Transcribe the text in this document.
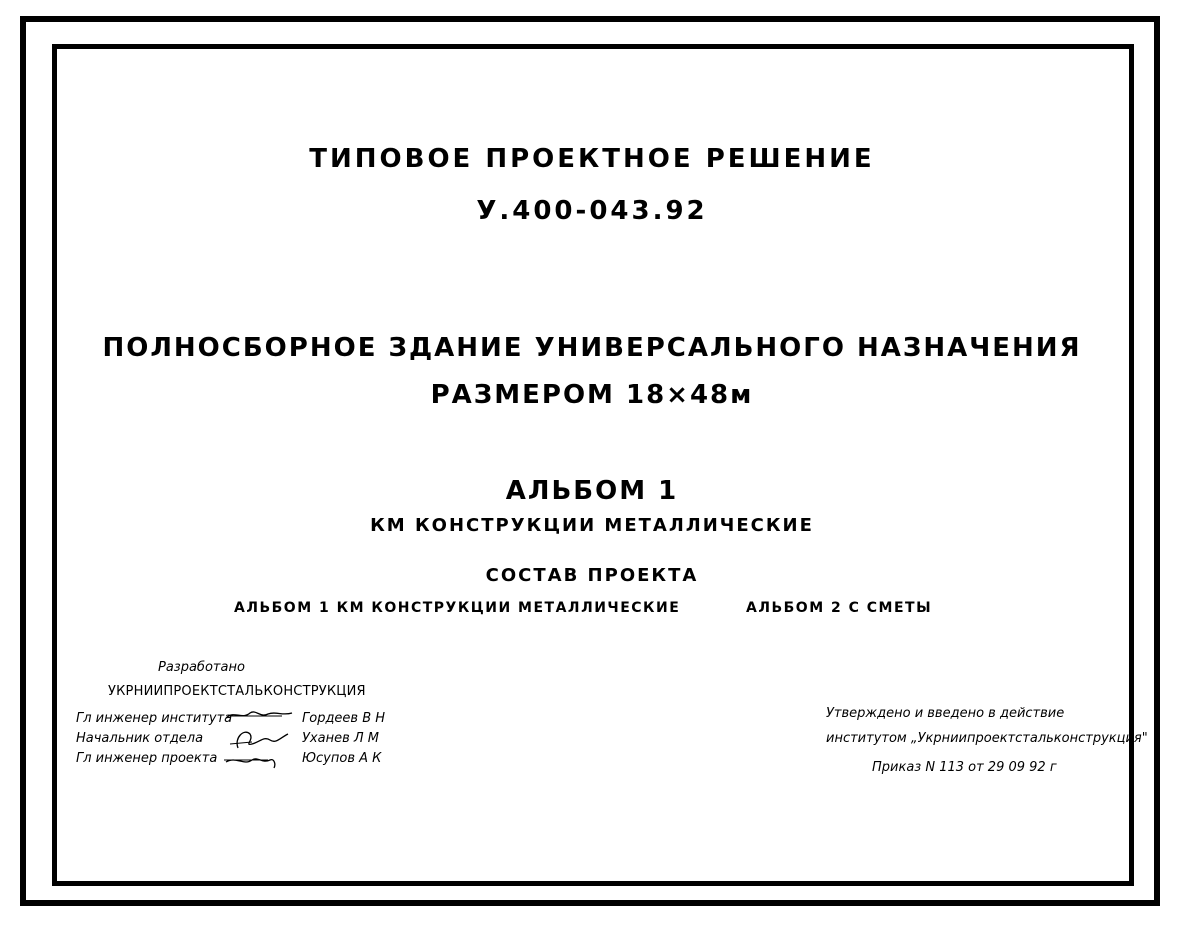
ТИПОВОЕ ПРОЕКТНОЕ РЕШЕНИЕ
У.400-043.92
ПОЛНОСБОРНОЕ ЗДАНИЕ УНИВЕРСАЛЬНОГО НАЗНАЧЕНИЯ
РАЗМЕРОМ 18×48м
АЛЬБОМ 1
КМ КОНСТРУКЦИИ МЕТАЛЛИЧЕСКИЕ
СОСТАВ ПРОЕКТА
АЛЬБОМ 1 КМ КОНСТРУКЦИИ МЕТАЛЛИЧЕСКИЕ	АЛЬБОМ 2 С СМЕТЫ
Разработано
УКРНИИПРОЕКТСТАЛЬКОНСТРУКЦИЯ
Гл инженер института	Гордеев В Н
Начальник отдела	Уханев Л М
Гл инженер проекта	Юсупов А К
Утверждено и введено в действие
институтом „Укрниипроектстальконструкция"
Приказ N 113 от 29 09 92 г
